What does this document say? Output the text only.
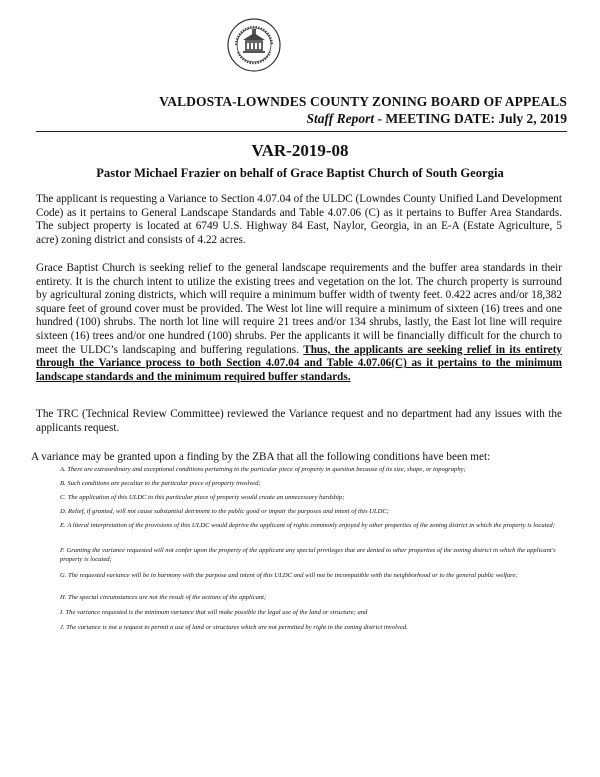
VALDOSTA-LOWNDES COUNTY ZONING BOARD OF APPEALS
Staff Report - MEETING DATE: July 2, 2019
VAR-2019-08
Pastor Michael Frazier on behalf of Grace Baptist Church of South Georgia

The applicant is requesting a Variance to Section 4.07.04 of the ULDC (Lowndes County Unified Land Development Code) as it pertains to General Landscape Standards and Table 4.07.06 (C) as it pertains to Buffer Area Standards. The subject property is located at 6749 U.S. Highway 84 East, Naylor, Georgia, in an E-A (Estate Agriculture, 5 acre) zoning district and consists of 4.22 acres.

Grace Baptist Church is seeking relief to the general landscape requirements and the buffer area standards in their entirety. It is the church intent to utilize the existing trees and vegetation on the lot. The church property is surround by agricultural zoning districts, which will require a minimum buffer width of twenty feet. 0.422 acres and/or 18,382 square feet of ground cover must be provided. The West lot line will require a minimum of sixteen (16) trees and one hundred (100) shrubs. The north lot line will require 21 trees and/or 134 shrubs, lastly, the East lot line will require sixteen (16) trees and/or one hundred (100) shrubs. Per the applicants it will be financially difficult for the church to meet the ULDC’s landscaping and buffering regulations. Thus, the applicants are seeking relief in its entirety through the Variance process to both Section 4.07.04 and Table 4.07.06(C) as it pertains to the minimum landscape standards and the minimum required buffer standards.

The TRC (Technical Review Committee) reviewed the Variance request and no department had any issues with the applicants request.

A variance may be granted upon a finding by the ZBA that all the following conditions have been met:

A. There are extraordinary and exceptional conditions pertaining to the particular piece of property in question because of its size, shape, or topography;
B. Such conditions are peculiar to the particular piece of property involved;
C. The application of this ULDC to this particular piece of property would create an unnecessary hardship;
D. Relief, if granted, will not cause substantial detriment to the public good or impair the purposes and intent of this ULDC;
E. A literal interpretation of the provisions of this ULDC would deprive the applicant of rights commonly enjoyed by other properties of the zoning district in which the property is located;
F. Granting the variance requested will not confer upon the property of the applicant any special privileges that are denied to other properties of the zoning district in which the applicant's property is located;
G. The requested variance will be in harmony with the purpose and intent of this ULDC and will not be incompatible with the neighborhood or to the general public welfare;
H. The special circumstances are not the result of the actions of the applicant;
I. The variance requested is the minimum variance that will make possible the legal use of the land or structure; and
J. The variance is not a request to permit a use of land or structures which are not permitted by right in the zoning district involved.
